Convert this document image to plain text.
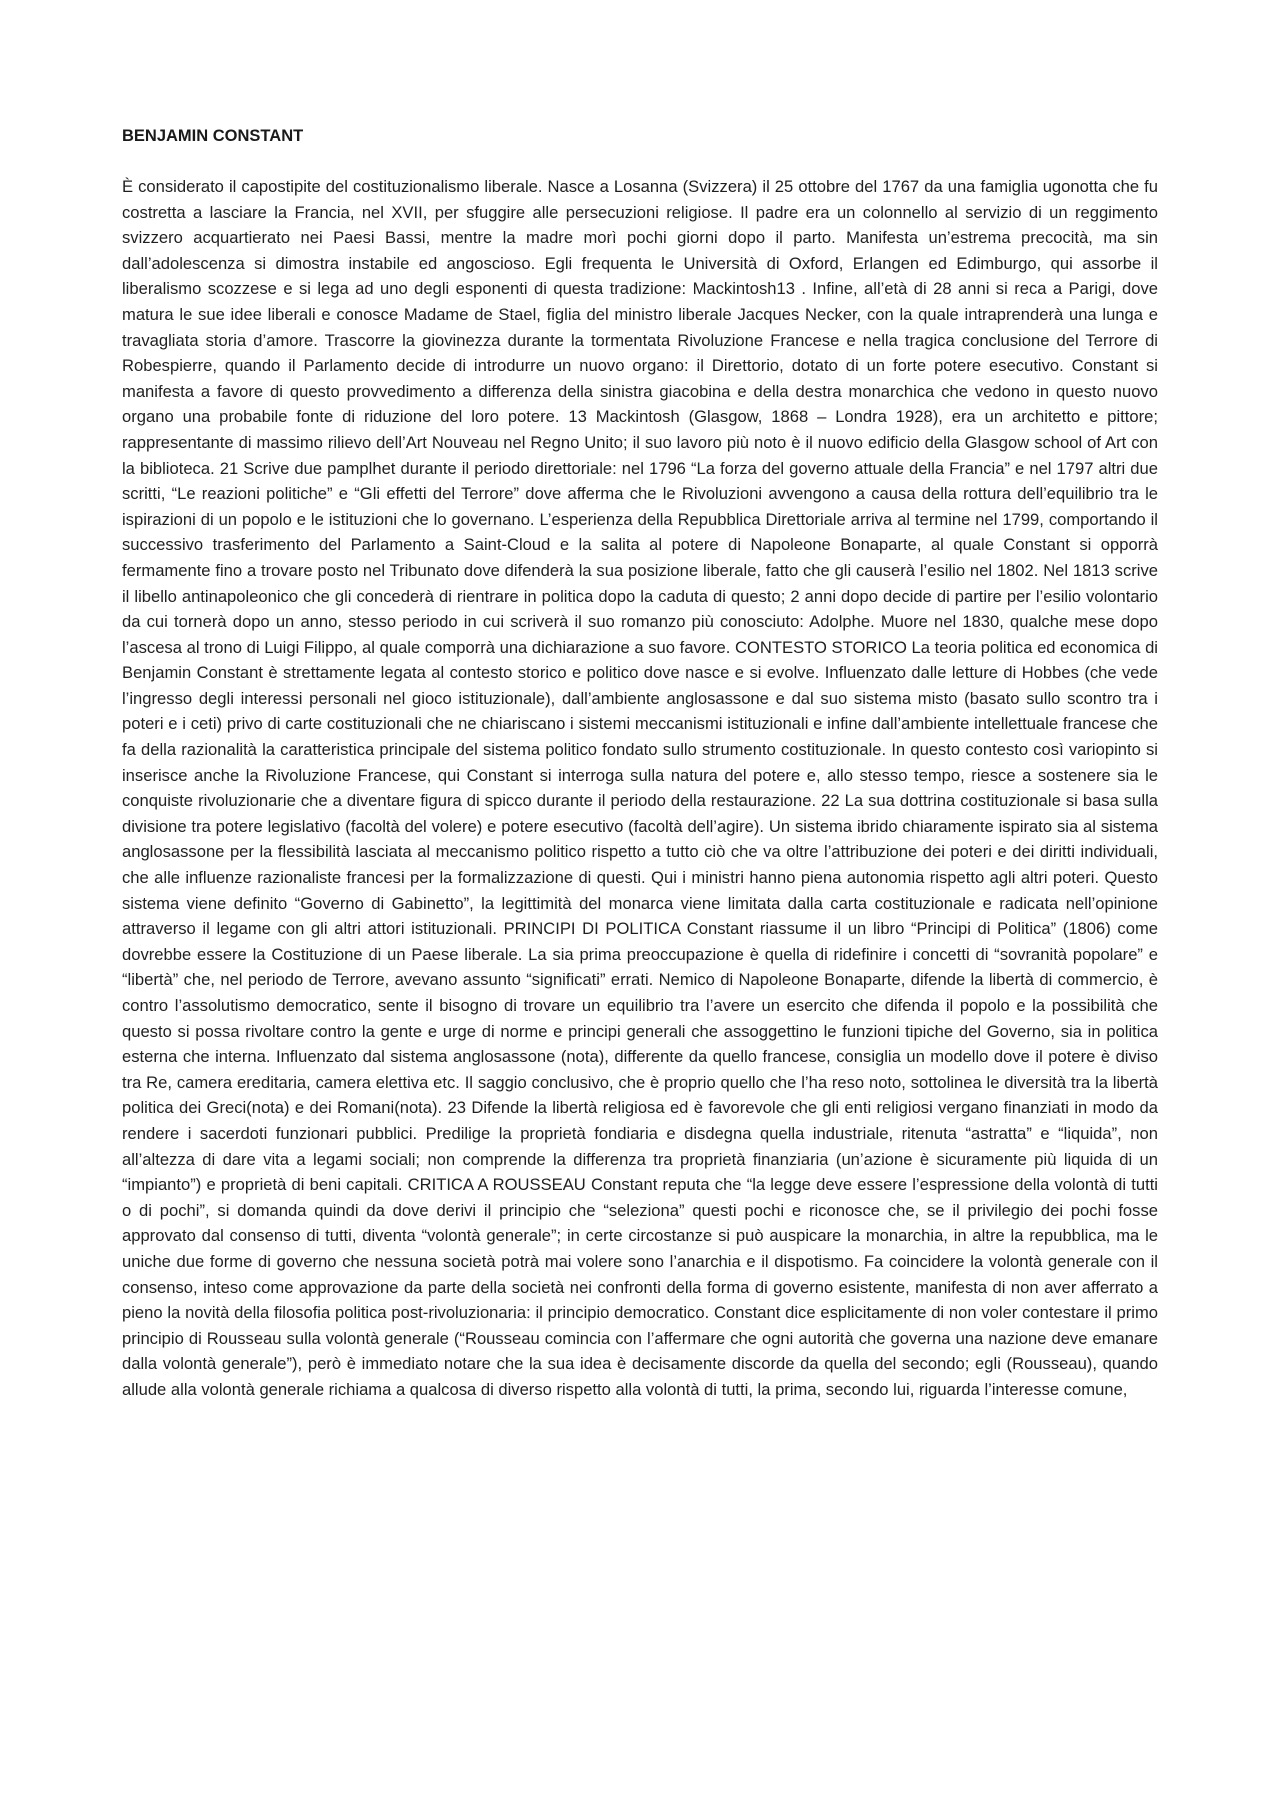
BENJAMIN CONSTANT

È considerato il capostipite del costituzionalismo liberale. Nasce a Losanna (Svizzera) il 25 ottobre del 1767 da una famiglia ugonotta che fu costretta a lasciare la Francia, nel XVII, per sfuggire alle persecuzioni religiose. Il padre era un colonnello al servizio di un reggimento svizzero acquartierato nei Paesi Bassi, mentre la madre morì pochi giorni dopo il parto. Manifesta un’estrema precocità, ma sin dall’adolescenza si dimostra instabile ed angoscioso. Egli frequenta le Università di Oxford, Erlangen ed Edimburgo, qui assorbe il liberalismo scozzese e si lega ad uno degli esponenti di questa tradizione: Mackintosh13 . Infine, all’età di 28 anni si reca a Parigi, dove matura le sue idee liberali e conosce Madame de Stael, figlia del ministro liberale Jacques Necker, con la quale intraprenderà una lunga e travagliata storia d’amore. Trascorre la giovinezza durante la tormentata Rivoluzione Francese e nella tragica conclusione del Terrore di Robespierre, quando il Parlamento decide di introdurre un nuovo organo: il Direttorio, dotato di un forte potere esecutivo. Constant si manifesta a favore di questo provvedimento a differenza della sinistra giacobina e della destra monarchica che vedono in questo nuovo organo una probabile fonte di riduzione del loro potere. 13 Mackintosh (Glasgow, 1868 – Londra 1928), era un architetto e pittore; rappresentante di massimo rilievo dell’Art Nouveau nel Regno Unito; il suo lavoro più noto è il nuovo edificio della Glasgow school of Art con la biblioteca. 21 Scrive due pamplhet durante il periodo direttoriale: nel 1796 “La forza del governo attuale della Francia” e nel 1797 altri due scritti, “Le reazioni politiche” e “Gli effetti del Terrore” dove afferma che le Rivoluzioni avvengono a causa della rottura dell’equilibrio tra le ispirazioni di un popolo e le istituzioni che lo governano. L’esperienza della Repubblica Direttoriale arriva al termine nel 1799, comportando il successivo trasferimento del Parlamento a Saint-Cloud e la salita al potere di Napoleone Bonaparte, al quale Constant si opporrà fermamente fino a trovare posto nel Tribunato dove difenderà la sua posizione liberale, fatto che gli causerà l’esilio nel 1802. Nel 1813 scrive il libello antinapoleonico che gli concederà di rientrare in politica dopo la caduta di questo; 2 anni dopo decide di partire per l’esilio volontario da cui tornerà dopo un anno, stesso periodo in cui scriverà il suo romanzo più conosciuto: Adolphe. Muore nel 1830, qualche mese dopo l’ascesa al trono di Luigi Filippo, al quale comporrà una dichiarazione a suo favore. CONTESTO STORICO La teoria politica ed economica di Benjamin Constant è strettamente legata al contesto storico e politico dove nasce e si evolve. Influenzato dalle letture di Hobbes (che vede l’ingresso degli interessi personali nel gioco istituzionale), dall’ambiente anglosassone e dal suo sistema misto (basato sullo scontro tra i poteri e i ceti) privo di carte costituzionali che ne chiariscano i sistemi meccanismi istituzionali e infine dall’ambiente intellettuale francese che fa della razionalità la caratteristica principale del sistema politico fondato sullo strumento costituzionale. In questo contesto così variopinto si inserisce anche la Rivoluzione Francese, qui Constant si interroga sulla natura del potere e, allo stesso tempo, riesce a sostenere sia le conquiste rivoluzionarie che a diventare figura di spicco durante il periodo della restaurazione. 22 La sua dottrina costituzionale si basa sulla divisione tra potere legislativo (facoltà del volere) e potere esecutivo (facoltà dell’agire). Un sistema ibrido chiaramente ispirato sia al sistema anglosassone per la flessibilità lasciata al meccanismo politico rispetto a tutto ciò che va oltre l’attribuzione dei poteri e dei diritti individuali, che alle influenze razionaliste francesi per la formalizzazione di questi. Qui i ministri hanno piena autonomia rispetto agli altri poteri. Questo sistema viene definito “Governo di Gabinetto”, la legittimità del monarca viene limitata dalla carta costituzionale e radicata nell’opinione attraverso il legame con gli altri attori istituzionali. PRINCIPI DI POLITICA Constant riassume il un libro “Principi di Politica” (1806) come dovrebbe essere la Costituzione di un Paese liberale. La sia prima preoccupazione è quella di ridefinire i concetti di “sovranità popolare” e “libertà” che, nel periodo de Terrore, avevano assunto “significati” errati. Nemico di Napoleone Bonaparte, difende la libertà di commercio, è contro l’assolutismo democratico, sente il bisogno di trovare un equilibrio tra l’avere un esercito che difenda il popolo e la possibilità che questo si possa rivoltare contro la gente e urge di norme e principi generali che assoggettino le funzioni tipiche del Governo, sia in politica esterna che interna. Influenzato dal sistema anglosassone (nota), differente da quello francese, consiglia un modello dove il potere è diviso tra Re, camera ereditaria, camera elettiva etc. Il saggio conclusivo, che è proprio quello che l’ha reso noto, sottolinea le diversità tra la libertà politica dei Greci(nota) e dei Romani(nota). 23 Difende la libertà religiosa ed è favorevole che gli enti religiosi vergano finanziati in modo da rendere i sacerdoti funzionari pubblici. Predilige la proprietà fondiaria e disdegna quella industriale, ritenuta “astratta” e “liquida”, non all’altezza di dare vita a legami sociali; non comprende la differenza tra proprietà finanziaria (un’azione è sicuramente più liquida di un “impianto”) e proprietà di beni capitali. CRITICA A ROUSSEAU Constant reputa che “la legge deve essere l’espressione della volontà di tutti o di pochi”, si domanda quindi da dove derivi il principio che “seleziona” questi pochi e riconosce che, se il privilegio dei pochi fosse approvato dal consenso di tutti, diventa “volontà generale”; in certe circostanze si può auspicare la monarchia, in altre la repubblica, ma le uniche due forme di governo che nessuna società potrà mai volere sono l’anarchia e il dispotismo. Fa coincidere la volontà generale con il consenso, inteso come approvazione da parte della società nei confronti della forma di governo esistente, manifesta di non aver afferrato a pieno la novità della filosofia politica post-rivoluzionaria: il principio democratico. Constant dice esplicitamente di non voler contestare il primo principio di Rousseau sulla volontà generale (“Rousseau comincia con l’affermare che ogni autorità che governa una nazione deve emanare dalla volontà generale”), però è immediato notare che la sua idea è decisamente discorde da quella del secondo; egli (Rousseau), quando allude alla volontà generale richiama a qualcosa di diverso rispetto alla volontà di tutti, la prima, secondo lui, riguarda l’interesse comune,
